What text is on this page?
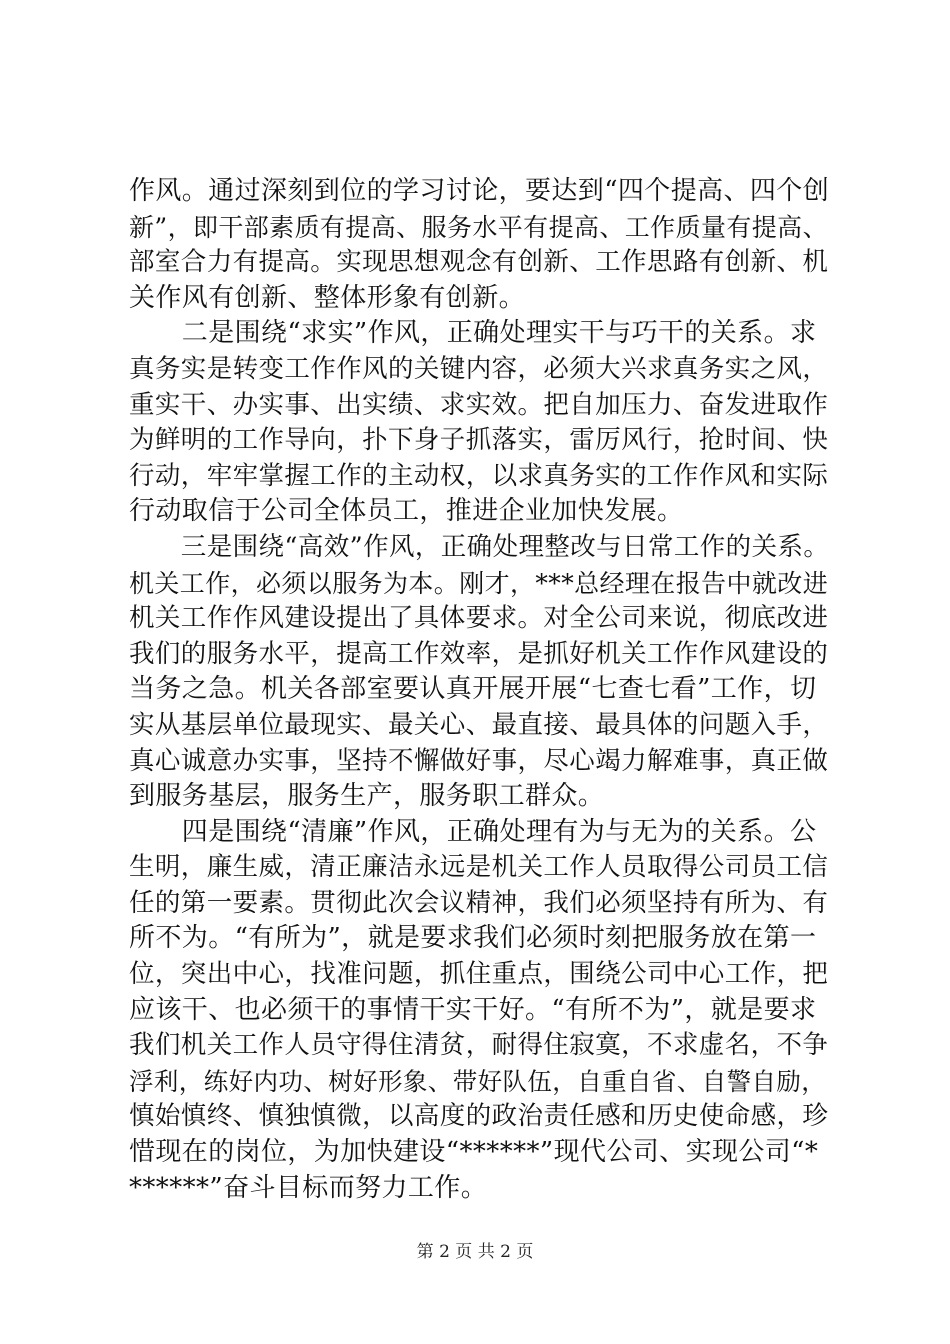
作风。通过深刻到位的学习讨论，要达到“四个提高、四个创
新”，即干部素质有提高、服务水平有提高、工作质量有提高、
部室合力有提高。实现思想观念有创新、工作思路有创新、机
关作风有创新、整体形象有创新。
　　二是围绕“求实”作风，正确处理实干与巧干的关系。求
真务实是转变工作作风的关键内容，必须大兴求真务实之风，
重实干、办实事、出实绩、求实效。把自加压力、奋发进取作
为鲜明的工作导向，扑下身子抓落实，雷厉风行，抢时间、快
行动，牢牢掌握工作的主动权，以求真务实的工作作风和实际
行动取信于公司全体员工，推进企业加快发展。
　　三是围绕“高效”作风，正确处理整改与日常工作的关系。
机关工作，必须以服务为本。刚才，***总经理在报告中就改进
机关工作作风建设提出了具体要求。对全公司来说，彻底改进
我们的服务水平，提高工作效率，是抓好机关工作作风建设的
当务之急。机关各部室要认真开展开展“七查七看”工作，切
实从基层单位最现实、最关心、最直接、最具体的问题入手，
真心诚意办实事，坚持不懈做好事，尽心竭力解难事，真正做
到服务基层，服务生产，服务职工群众。
　　四是围绕“清廉”作风，正确处理有为与无为的关系。公
生明，廉生威，清正廉洁永远是机关工作人员取得公司员工信
任的第一要素。贯彻此次会议精神，我们必须坚持有所为、有
所不为。“有所为”，就是要求我们必须时刻把服务放在第一
位，突出中心，找准问题，抓住重点，围绕公司中心工作，把
应该干、也必须干的事情干实干好。“有所不为”，就是要求
我们机关工作人员守得住清贫，耐得住寂寞，不求虚名，不争
浮利，练好内功、树好形象、带好队伍，自重自省、自警自励，
慎始慎终、慎独慎微，以高度的政治责任感和历史使命感，珍
惜现在的岗位，为加快建设“******”现代公司、实现公司“*
******”奋斗目标而努力工作。
第 2 页 共 2 页
